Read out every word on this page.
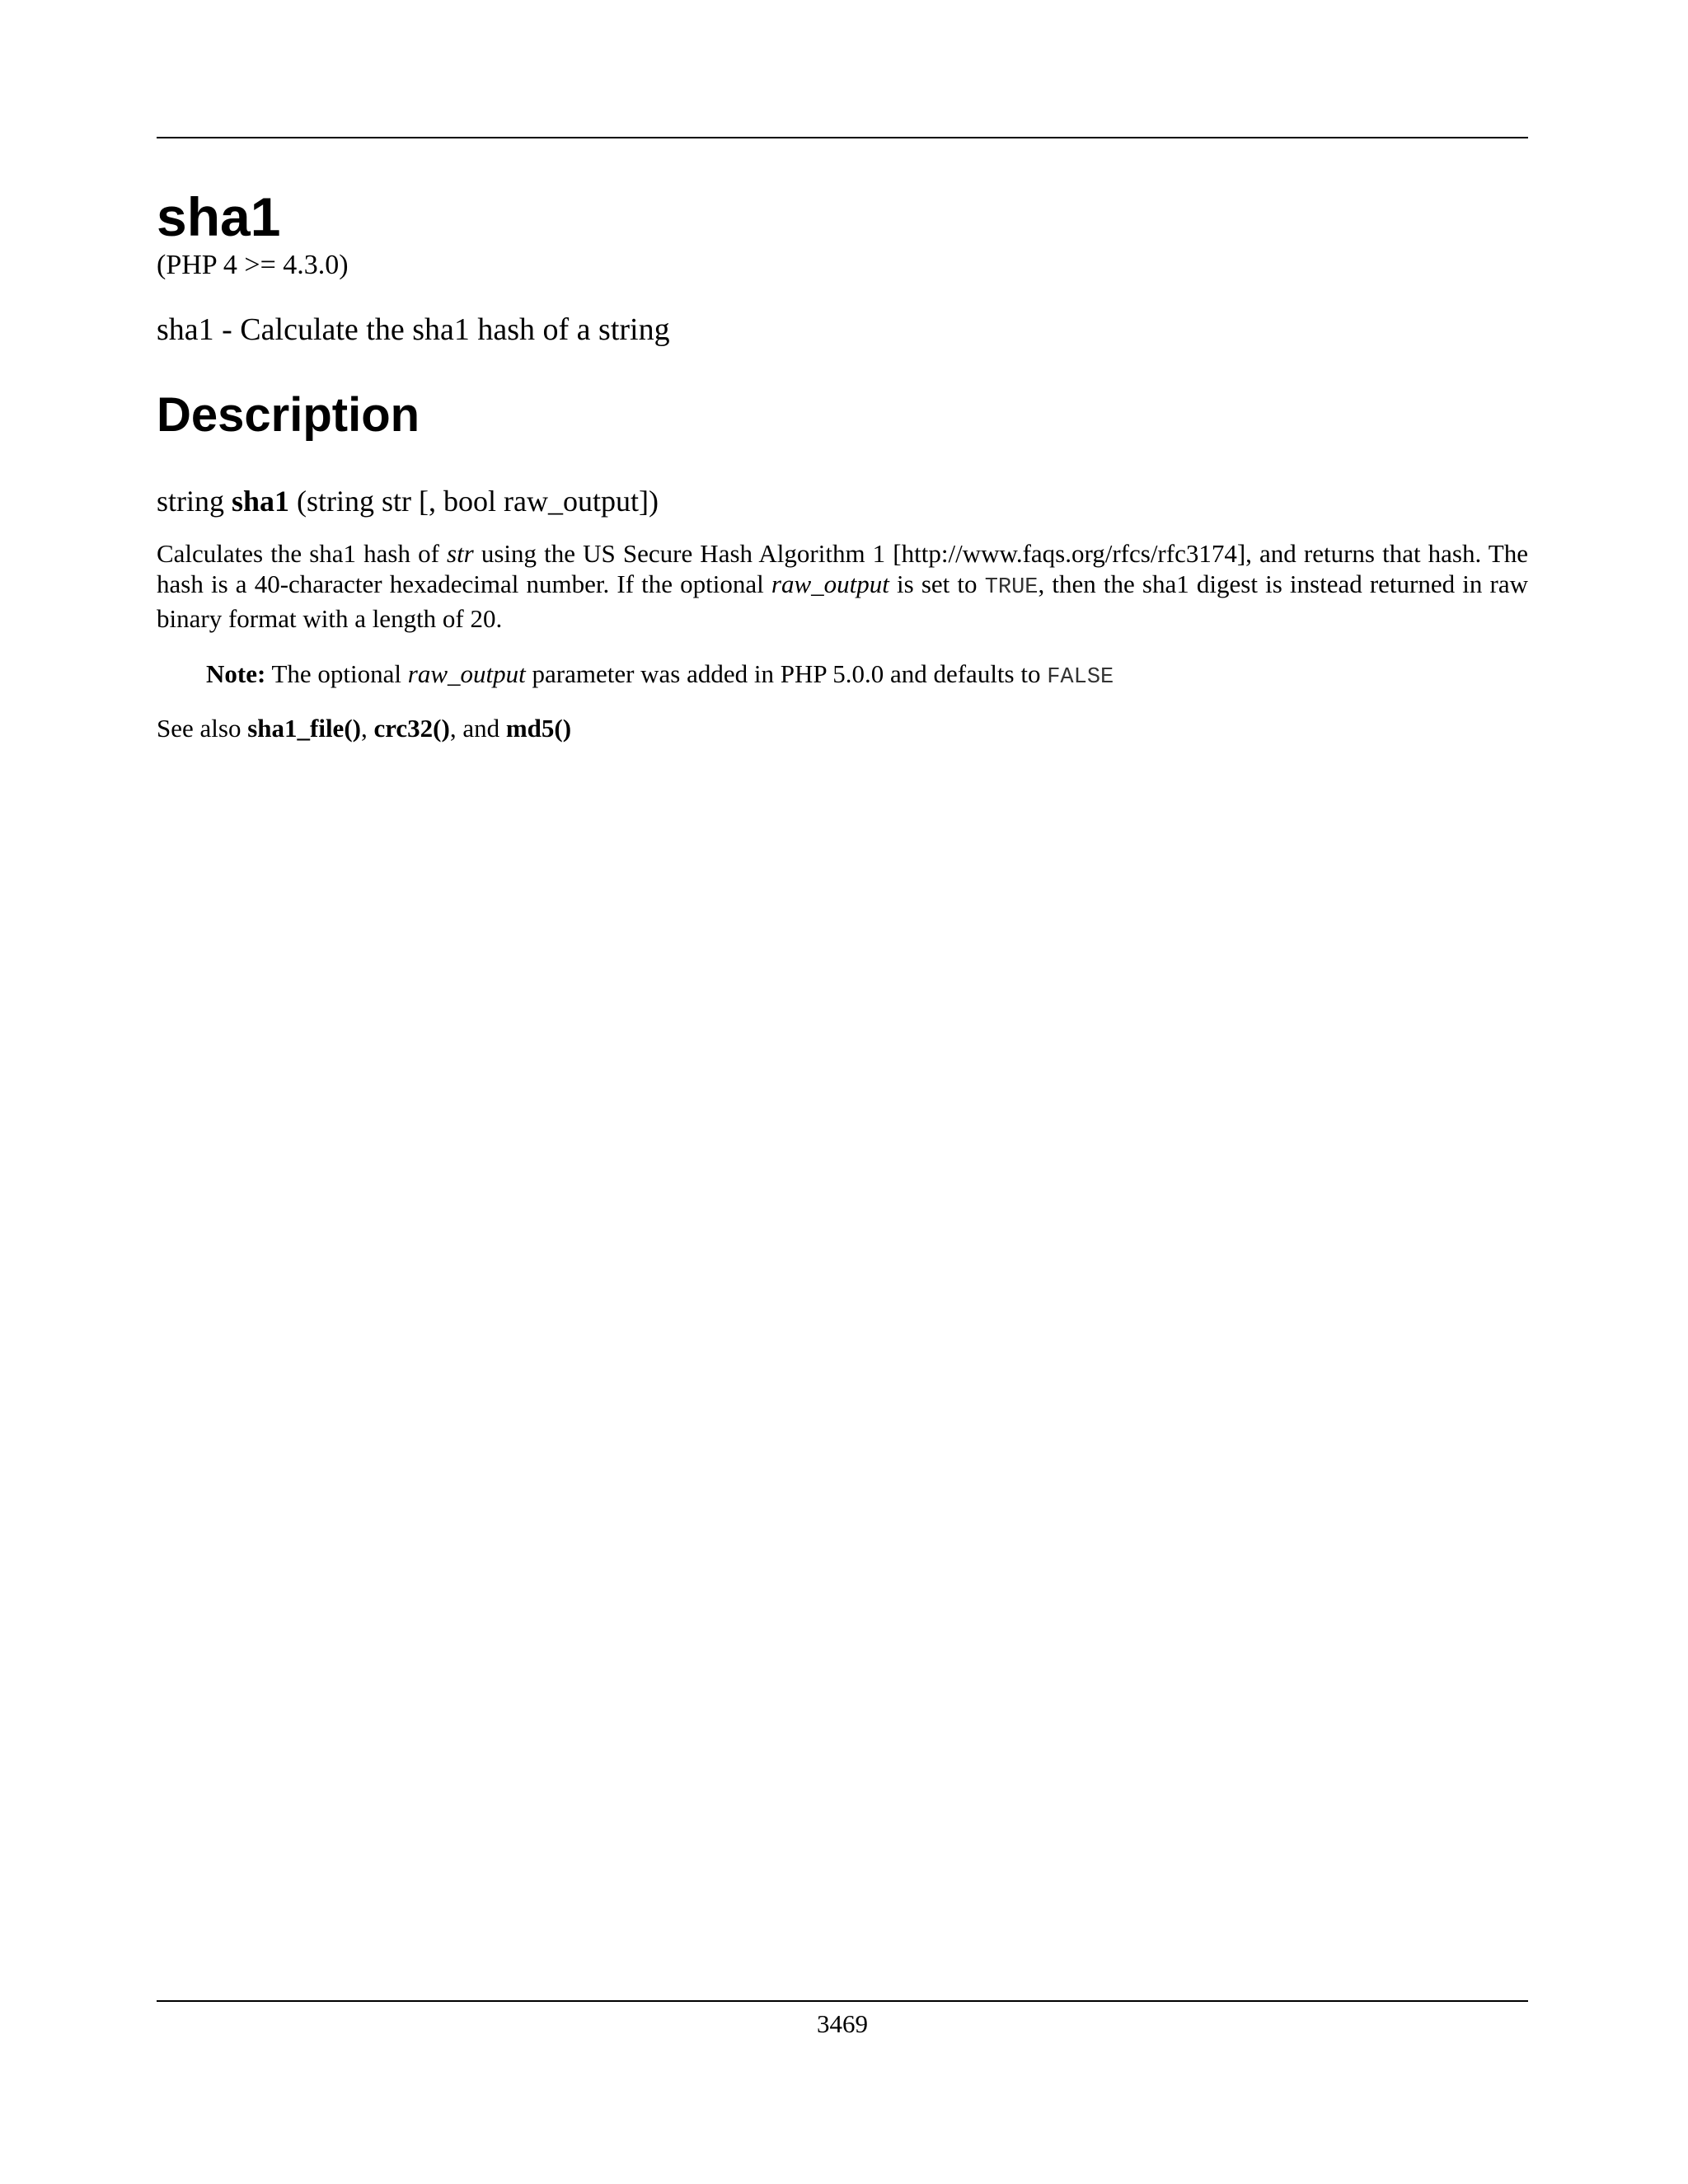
sha1

(PHP 4 >= 4.3.0)

sha1 - Calculate the sha1 hash of a string

Description

string sha1 (string str [, bool raw_output])

Calculates the sha1 hash of str using the US Secure Hash Algorithm 1 [http://www.faqs.org/rfcs/rfc3174], and returns that hash. The hash is a 40-character hexadecimal number. If the optional raw_output is set to TRUE, then the sha1 digest is instead returned in raw binary format with a length of 20.

Note: The optional raw_output parameter was added in PHP 5.0.0 and defaults to FALSE

See also sha1_file(), crc32(), and md5()

3469
